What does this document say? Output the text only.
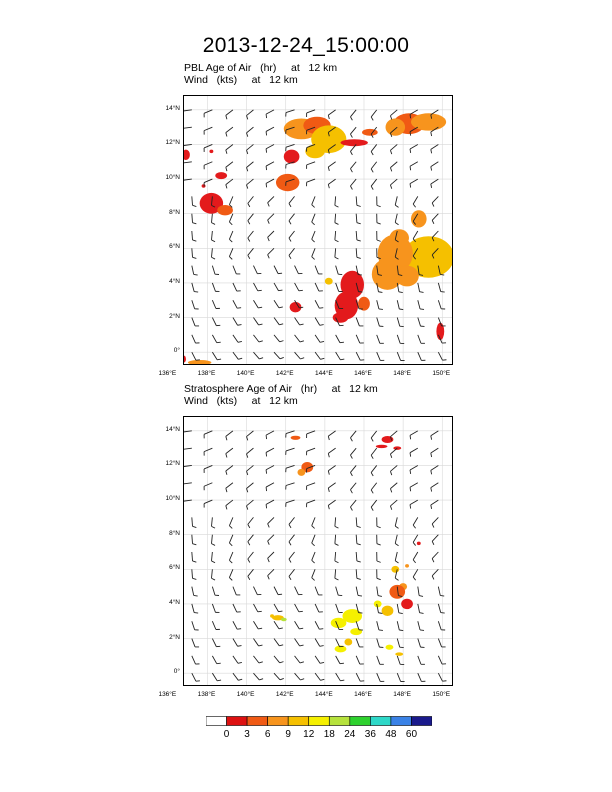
2013-12-24_15:00:00
PBL Age of Air   (hr)     at   12 km
Wind   (kts)     at   12 km
14°N
12°N
10°N
8°N
6°N
4°N
2°N
0°
136°E	138°E	140°E	142°E	144°E	146°E	148°E	150°E
Stratosphere Age of Air   (hr)     at   12 km
Wind   (kts)     at   12 km
14°N
12°N
10°N
8°N
6°N
4°N
2°N
0°
136°E	138°E	140°E	142°E	144°E	146°E	148°E	150°E
0	3	6	9	12 18 24 36 48 60
